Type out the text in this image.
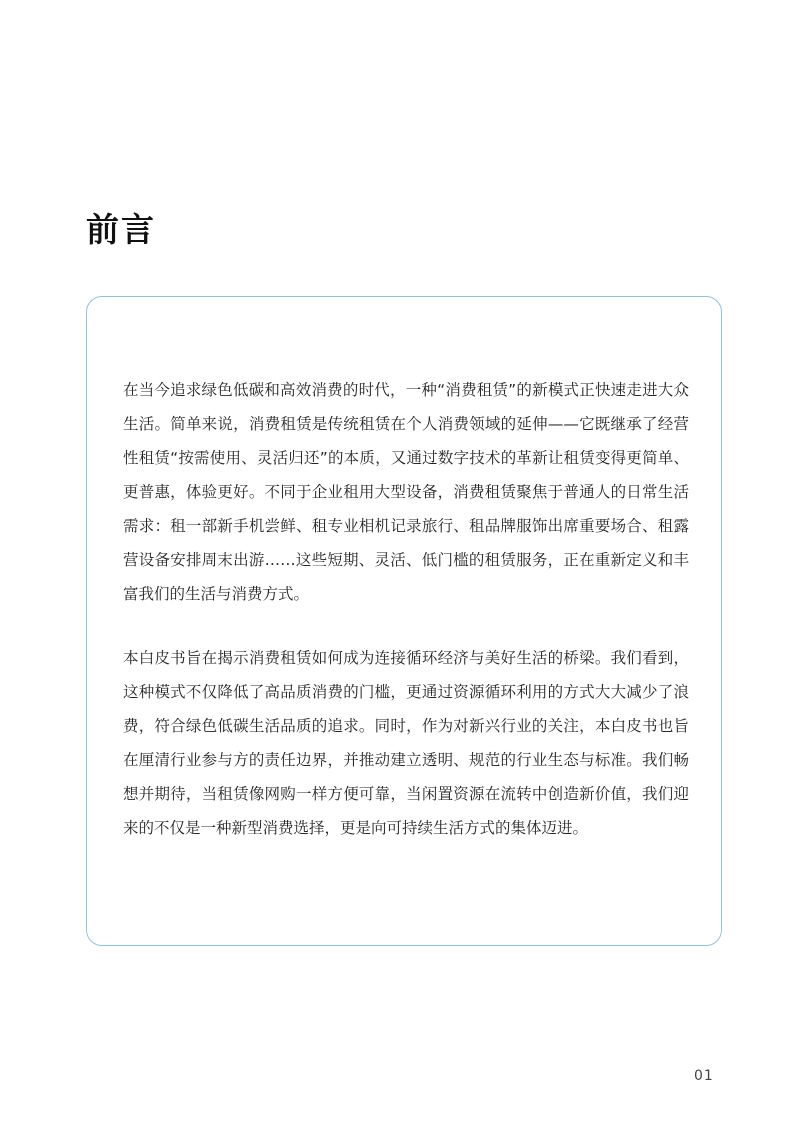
前言

在当今追求绿色低碳和高效消费的时代，一种“消费租赁”的新模式正快速走进大众生活。简单来说，消费租赁是传统租赁在个人消费领域的延伸——它既继承了经营性租赁“按需使用、灵活归还”的本质，又通过数字技术的革新让租赁变得更简单、更普惠，体验更好。不同于企业租用大型设备，消费租赁聚焦于普通人的日常生活需求：租一部新手机尝鲜、租专业相机记录旅行、租品牌服饰出席重要场合、租露营设备安排周末出游……这些短期、灵活、低门槛的租赁服务，正在重新定义和丰富我们的生活与消费方式。

本白皮书旨在揭示消费租赁如何成为连接循环经济与美好生活的桥梁。我们看到，这种模式不仅降低了高品质消费的门槛，更通过资源循环利用的方式大大减少了浪费，符合绿色低碳生活品质的追求。同时，作为对新兴行业的关注，本白皮书也旨在厘清行业参与方的责任边界，并推动建立透明、规范的行业生态与标准。我们畅想并期待，当租赁像网购一样方便可靠，当闲置资源在流转中创造新价值，我们迎来的不仅是一种新型消费选择，更是向可持续生活方式的集体迈进。

01
